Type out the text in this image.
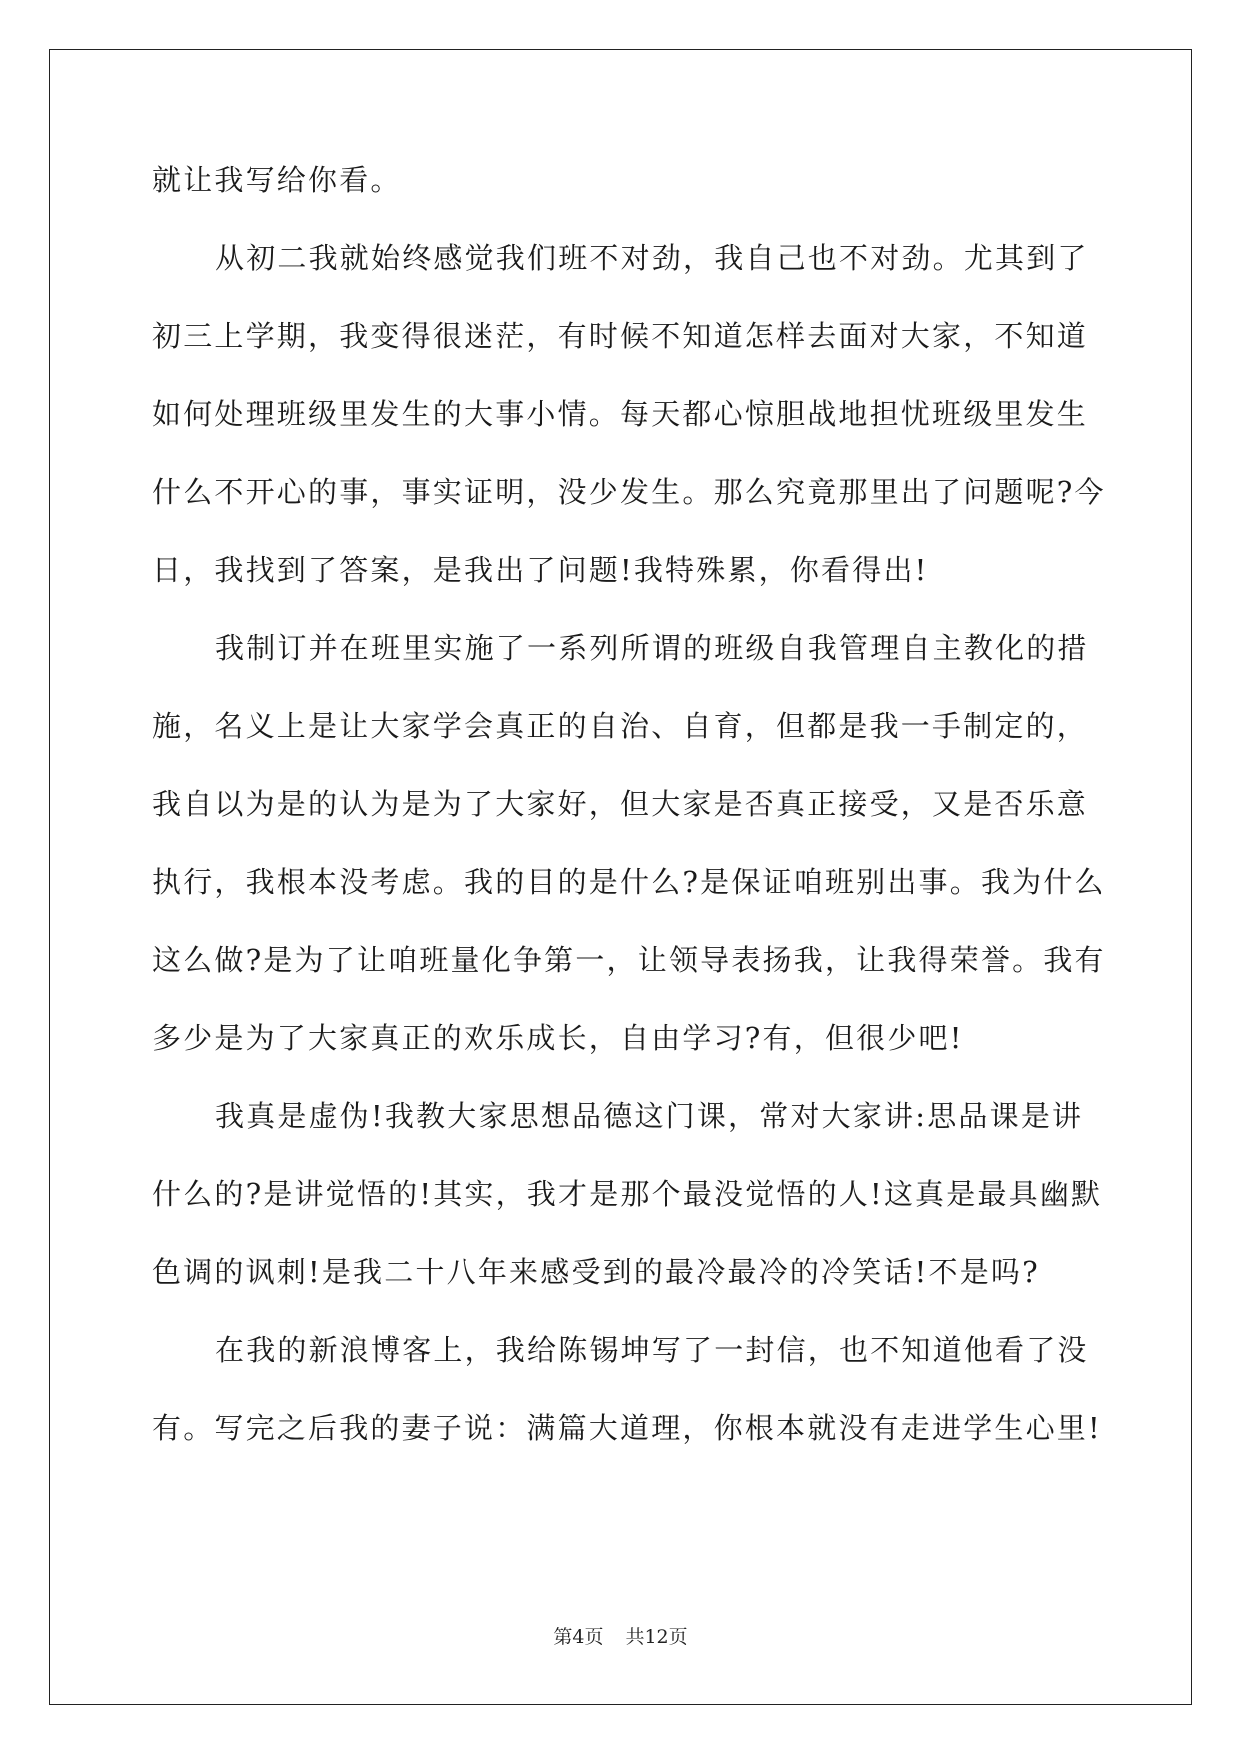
就让我写给你看。
从初二我就始终感觉我们班不对劲，我自己也不对劲。尤其到了
初三上学期，我变得很迷茫，有时候不知道怎样去面对大家，不知道
如何处理班级里发生的大事小情。每天都心惊胆战地担忧班级里发生
什么不开心的事，事实证明，没少发生。那么究竟那里出了问题呢?今
日，我找到了答案，是我出了问题!我特殊累，你看得出!
我制订并在班里实施了一系列所谓的班级自我管理自主教化的措
施，名义上是让大家学会真正的自治、自育，但都是我一手制定的，
我自以为是的认为是为了大家好，但大家是否真正接受，又是否乐意
执行，我根本没考虑。我的目的是什么?是保证咱班别出事。我为什么
这么做?是为了让咱班量化争第一，让领导表扬我，让我得荣誉。我有
多少是为了大家真正的欢乐成长，自由学习?有，但很少吧!
我真是虚伪!我教大家思想品德这门课，常对大家讲:思品课是讲
什么的?是讲觉悟的!其实，我才是那个最没觉悟的人!这真是最具幽默
色调的讽刺!是我二十八年来感受到的最冷最冷的冷笑话!不是吗?
在我的新浪博客上，我给陈锡坤写了一封信，也不知道他看了没
有。写完之后我的妻子说：满篇大道理，你根本就没有走进学生心里!
第4页 共12页
